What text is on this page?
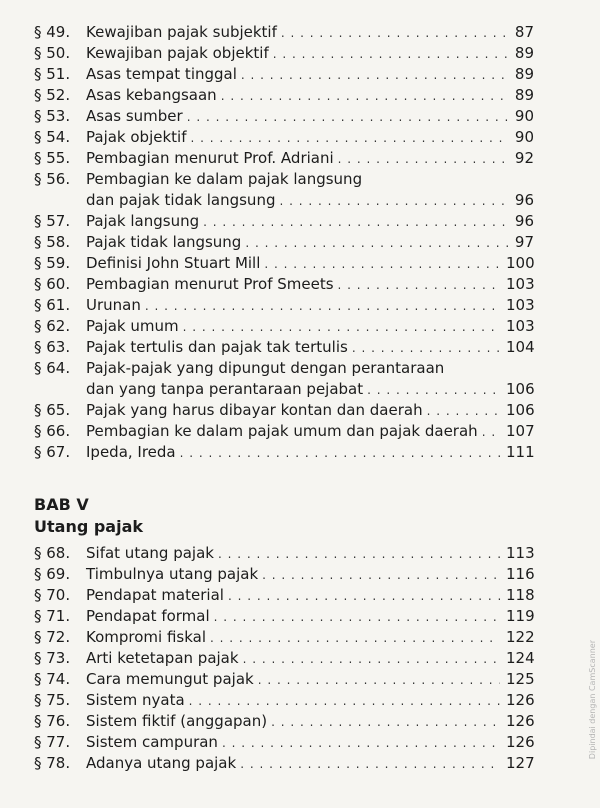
§ 49. Kewajiban pajak subjektif . . .	87
§ 50. Kewajiban pajak objektif . . .	89
§ 51. Asas tempat tinggal . . .	89
§ 52. Asas kebangsaan . . .	89
§ 53. Asas sumber . . .	90
§ 54. Pajak objektif . . .	90
§ 55. Pembagian menurut Prof. Adriani . . .	92
§ 56. Pembagian ke dalam pajak langsung
dan pajak tidak langsung . . .	96
§ 57. Pajak langsung . . .	96
§ 58. Pajak tidak langsung . . .	97
§ 59. Definisi John Stuart Mill . . .	100
§ 60. Pembagian menurut Prof Smeets . . .	103
§ 61. Urunan . . .	103
§ 62. Pajak umum . . .	103
§ 63. Pajak tertulis dan pajak tak tertulis . . .	104
§ 64. Pajak-pajak yang dipungut dengan perantaraan
dan yang tanpa perantaraan pejabat . . .	106
§ 65. Pajak yang harus dibayar kontan dan daerah . . .	106
§ 66. Pembagian ke dalam pajak umum dan pajak daerah . . . 107
§ 67. Ipeda, Ireda . . .	111
BAB V
Utang pajak
§ 68. Sifat utang pajak . . .	113
§ 69. Timbulnya utang pajak . . .	116
§ 70. Pendapat material . . .	118
§ 71. Pendapat formal . . .	119
§ 72. Kompromi fiskal . . .	122
§ 73. Arti ketetapan pajak . . .	124
§ 74. Cara memungut pajak . . .	125
§ 75. Sistem nyata . . .	126
§ 76. Sistem fiktif (anggapan) . . .	126
§ 77. Sistem campuran . . .	126
§ 78. Adanya utang pajak . . .	127
Dipindai dengan CamScanner
